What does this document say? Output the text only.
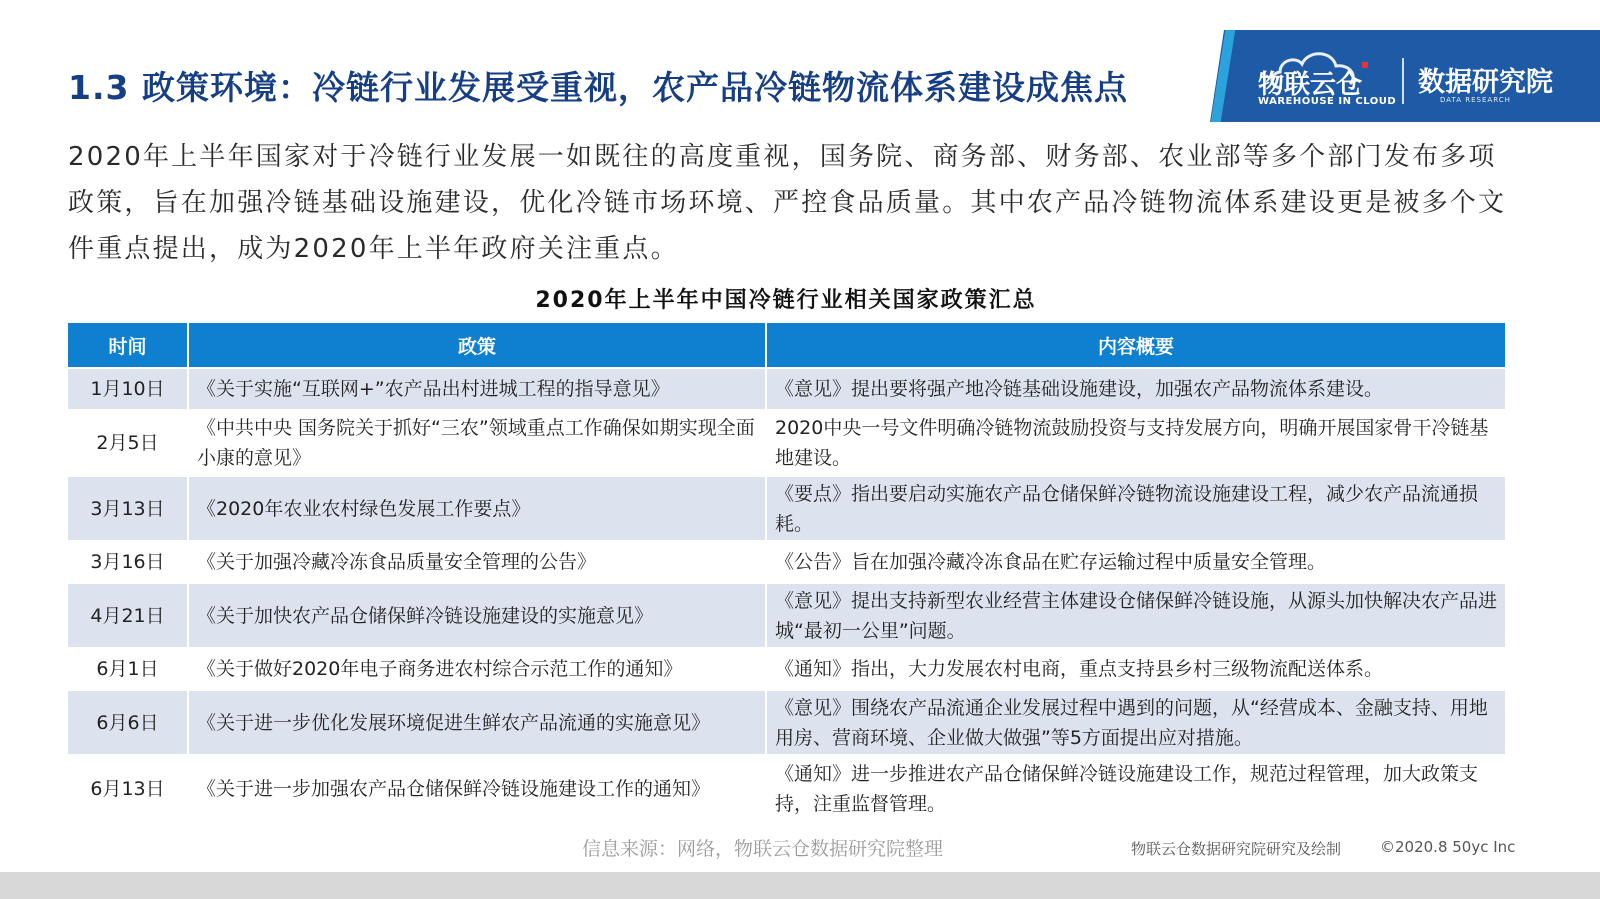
1.3 政策环境：冷链行业发展受重视，农产品冷链物流体系建设成焦点	物联云仓
WAREHOUSE IN CLOUD
数据研究院
DATA RESEARCH
2020年上半年国家对于冷链行业发展一如既往的高度重视，国务院、商务部、财务部、农业部等多个部门发布多项政策，旨在加强冷链基础设施建设，优化冷链市场环境、严控食品质量。其中农产品冷链物流体系建设更是被多个文件重点提出，成为2020年上半年政府关注重点。
2020年上半年中国冷链行业相关国家政策汇总
时间	政策	内容概要
1月10日	《关于实施“互联网+”农产品出村进城工程的指导意见》	《意见》提出要将强产地冷链基础设施建设，加强农产品物流体系建设。
2月5日	《中共中央 国务院关于抓好“三农”领域重点工作确保如期实现全面小康的意见》	2020中央一号文件明确冷链物流鼓励投资与支持发展方向，明确开展国家骨干冷链基地建设。
3月13日	《2020年农业农村绿色发展工作要点》	《要点》指出要启动实施农产品仓储保鲜冷链物流设施建设工程，减少农产品流通损耗。
3月16日	《关于加强冷藏冷冻食品质量安全管理的公告》	《公告》旨在加强冷藏冷冻食品在贮存运输过程中质量安全管理。
4月21日	《关于加快农产品仓储保鲜冷链设施建设的实施意见》	《意见》提出支持新型农业经营主体建设仓储保鲜冷链设施，从源头加快解决农产品进城“最初一公里”问题。
6月1日	《关于做好2020年电子商务进农村综合示范工作的通知》	《通知》指出，大力发展农村电商，重点支持县乡村三级物流配送体系。
6月6日	《关于进一步优化发展环境促进生鲜农产品流通的实施意见》	《意见》围绕农产品流通企业发展过程中遇到的问题，从“经营成本、金融支持、用地用房、营商环境、企业做大做强”等5方面提出应对措施。
6月13日	《关于进一步加强农产品仓储保鲜冷链设施建设工作的通知》	《通知》进一步推进农产品仓储保鲜冷链设施建设工作，规范过程管理，加大政策支持，注重监督管理。
信息来源：网络，物联云仓数据研究院整理	物联云仓数据研究院研究及绘制	©2020.8 50yc Inc
